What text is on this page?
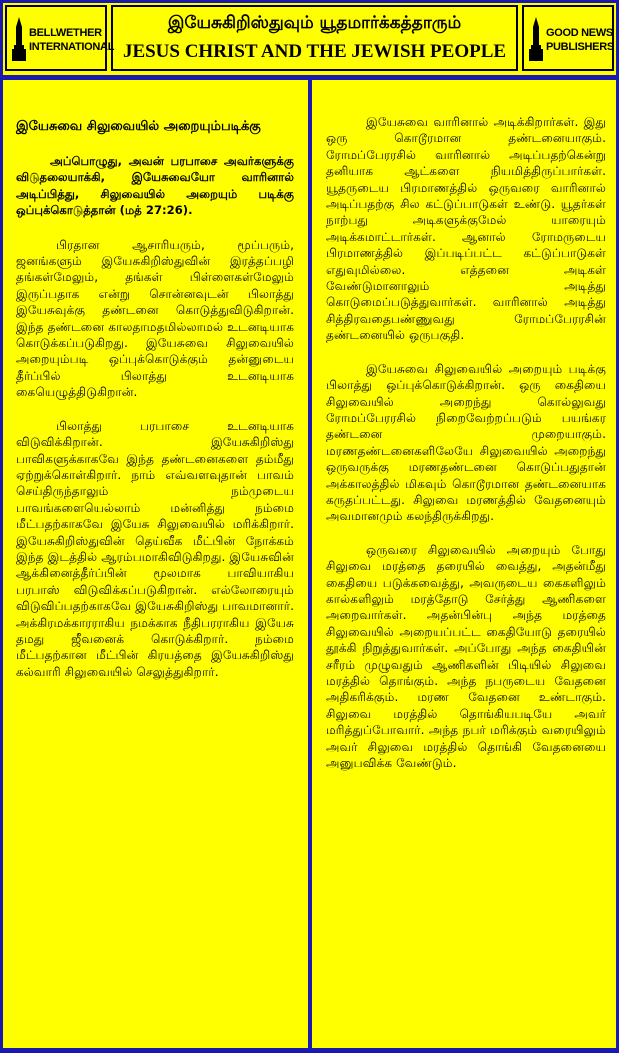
BELLWETHER
INTERNATIONAL
இயேசுகிறிஸ்துவும் யூதமார்க்கத்தாரும்
JESUS CHRIST AND THE JEWISH PEOPLE
GOOD NEWS
PUBLISHERS

இயேசுவை சிலுவையில் அறையும்படிக்கு

அப்பொழுது, அவன் பரபாசை அவர்களுக்கு விடுதலையாக்கி, இயேசுவையோ வாரினால் அடிப்பித்து, சிலுவையில் அறையும் படிக்கு ஒப்புக்கொடுத்தான் (மத் 27:26).

பிரதான ஆசாரியரும், மூப்பரும், ஜனங்களும் இயேசுகிறிஸ்துவின் இரத்தப்பழி தங்கள்மேலும், தங்கள் பிள்ளைகள்மேலும் இருப்பதாக என்று சொன்னவுடன் பிலாத்து இயேசுவுக்கு தண்டனை கொடுத்துவிடுகிறான். இந்த தண்டனை காலதாமதமில்லாமல் உடனடியாக கொடுக்கப்படுகிறது. இயேசுவை சிலுவையில் அறையும்படி ஒப்புக்கொடுக்கும் தன்னுடைய தீர்ப்பில் பிலாத்து உடனடியாக கையெழுத்திடுகிறான்.

பிலாத்து பரபாசை உடனடியாக விடுவிக்கிறான். இயேசுகிறிஸ்து பாவிகளுக்காகவே இந்த தண்டனைகளை தம்மீது ஏற்றுக்கொள்கிறார். நாம் எவ்வளவுதான் பாவம் செய்திருந்தாலும் நம்முடைய பாவங்களையெல்லாம் மன்னித்து நம்மை மீட்பதற்காகவே இயேசு சிலுவையில் மரிக்கிறார். இயேசுகிறிஸ்துவின் தெய்வீக மீட்பின் நோக்கம் இந்த இடத்தில் ஆரம்பமாகிவிடுகிறது. இயேசுவின் ஆக்கினைத்தீர்ப்பின் மூலமாக பாவியாகிய பரபாஸ் விடுவிக்கப்படுகிறான். எல்லோரையும் விடுவிப்பதற்காகவே இயேசுகிறிஸ்து பாவமானார். அக்கிரமக்காரராகிய நமக்காக நீதிபரராகிய இயேசு தமது ஜீவனைக் கொடுக்கிறார். நம்மை மீட்பதற்கான மீட்பின் கிரயத்தை இயேசுகிறிஸ்து கல்வாரி சிலுவையில் செலுத்துகிறார்.

இயேசுவை வாரினால் அடிக்கிறார்கள். இது ஒரு கொடூரமான தண்டனையாகும். ரோமப்பேரரசில் வாரினால் அடிப்பதற்கென்று தனியாக ஆட்களை நியமித்திருப்பார்கள். யூதருடைய பிரமாணத்தில் ஒருவரை வாரினால் அடிப்பதற்கு சில கட்டுப்பாடுகள் உண்டு. யூதர்கள் நாற்பது அடிகளுக்குமேல் யாரையும் அடிக்கமாட்டார்கள். ஆனால் ரோமருடைய பிரமாணத்தில் இப்படிப்பட்ட கட்டுப்பாடுகள் எதுவுமில்லை. எத்தனை அடிகள் வேண்டுமானாலும் அடித்து கொடுமைப்படுத்துவார்கள். வாரினால் அடித்து சித்திரவதைபண்ணுவது ரோமப்பேரரசின் தண்டனையில் ஒருபகுதி.

இயேசுவை சிலுவையில் அறையும் படிக்கு பிலாத்து ஒப்புக்கொடுக்கிறான். ஒரு கைதியை சிலுவையில் அறைந்து கொல்லுவது ரோமப்பேரரசில் நிறைவேற்றப்படும் பயங்கர தண்டனை முறையாகும். மரணதண்டனைகளிலேயே சிலுவையில் அறைந்து ஒருவருக்கு மரணதண்டனை கொடுப்பதுதான் அக்காலத்தில் மிகவும் கொடூரமான தண்டனையாக கருதப்பட்டது. சிலுவை மரணத்தில் வேதனையும் அவமானமும் கலந்திருக்கிறது.

ஒருவரை சிலுவையில் அறையும் போது சிலுவை மரத்தை தரையில் வைத்து, அதன்மீது கைதியை படுக்கவைத்து, அவருடைய கைகளிலும் கால்களிலும் மரத்தோடு சேர்த்து ஆணிகளை அறைவார்கள். அதன்பின்பு அந்த மரத்தை சிலுவையில் அறையப்பட்ட கைதியோடு தரையில் தூக்கி நிறுத்துவார்கள். அப்போது அந்த கைதியின் சரீரம் முழுவதும் ஆணிகளின் பிடியில் சிலுவை மரத்தில் தொங்கும். அந்த நபருடைய வேதனை அதிகரிக்கும். மரண வேதனை உண்டாகும். சிலுவை மரத்தில் தொங்கியபடியே அவர் மரித்துப்போவார். அந்த நபர் மரிக்கும் வரையிலும் அவர் சிலுவை மரத்தில் தொங்கி வேதனையை அனுபவிக்க வேண்டும்.
